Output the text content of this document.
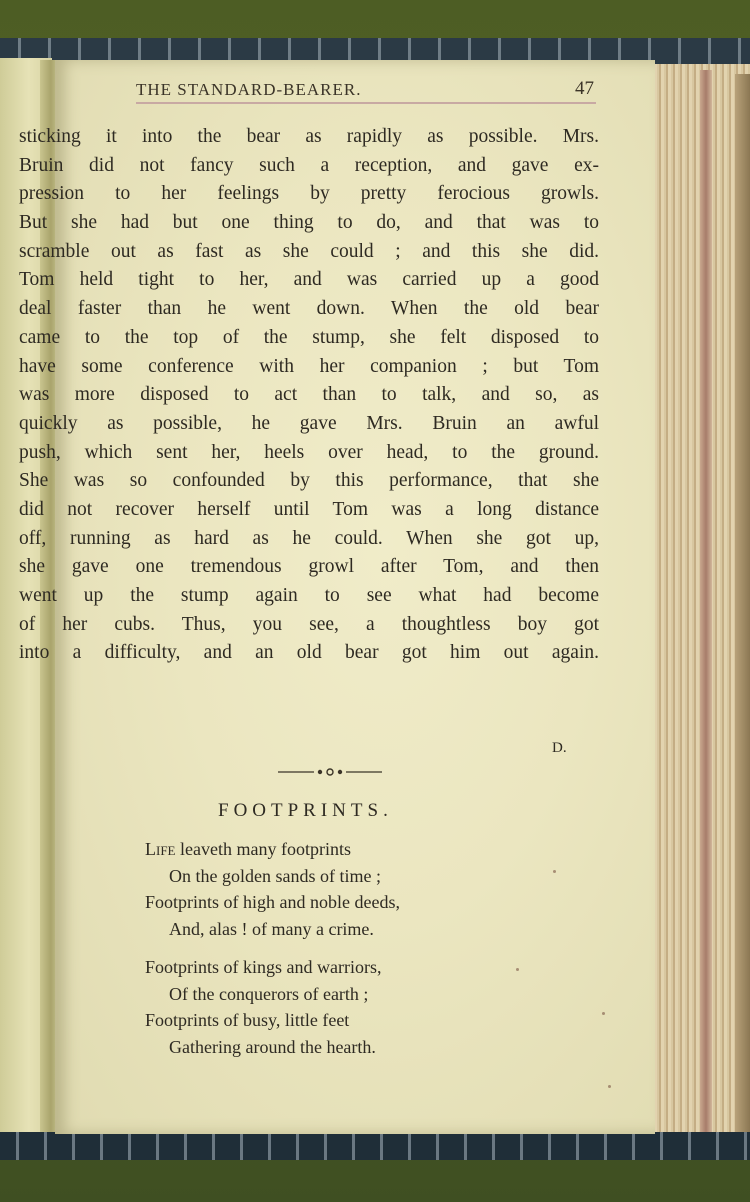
THE STANDARD-BEARER.	47
sticking it into the bear as rapidly as possible. Mrs.
Bruin did not fancy such a reception, and gave ex-
pression to her feelings by pretty ferocious growls.
But she had but one thing to do, and that was to
scramble out as fast as she could ; and this she did.
Tom held tight to her, and was carried up a good
deal faster than he went down. When the old bear
came to the top of the stump, she felt disposed to
have some conference with her companion ; but Tom
was more disposed to act than to talk, and so, as
quickly as possible, he gave Mrs. Bruin an awful
push, which sent her, heels over head, to the ground.
She was so confounded by this performance, that she
did not recover herself until Tom was a long distance
off, running as hard as he could. When she got up,
she gave one tremendous growl after Tom, and then
went up the stump again to see what had become
of her cubs. Thus, you see, a thoughtless boy got
into a difficulty, and an old bear got him out again.
D.
FOOTPRINTS.
LIFE leaveth many footprints
On the golden sands of time ;
Footprints of high and noble deeds,
And, alas ! of many a crime.
Footprints of kings and warriors,
Of the conquerors of earth ;
Footprints of busy, little feet
Gathering around the hearth.
